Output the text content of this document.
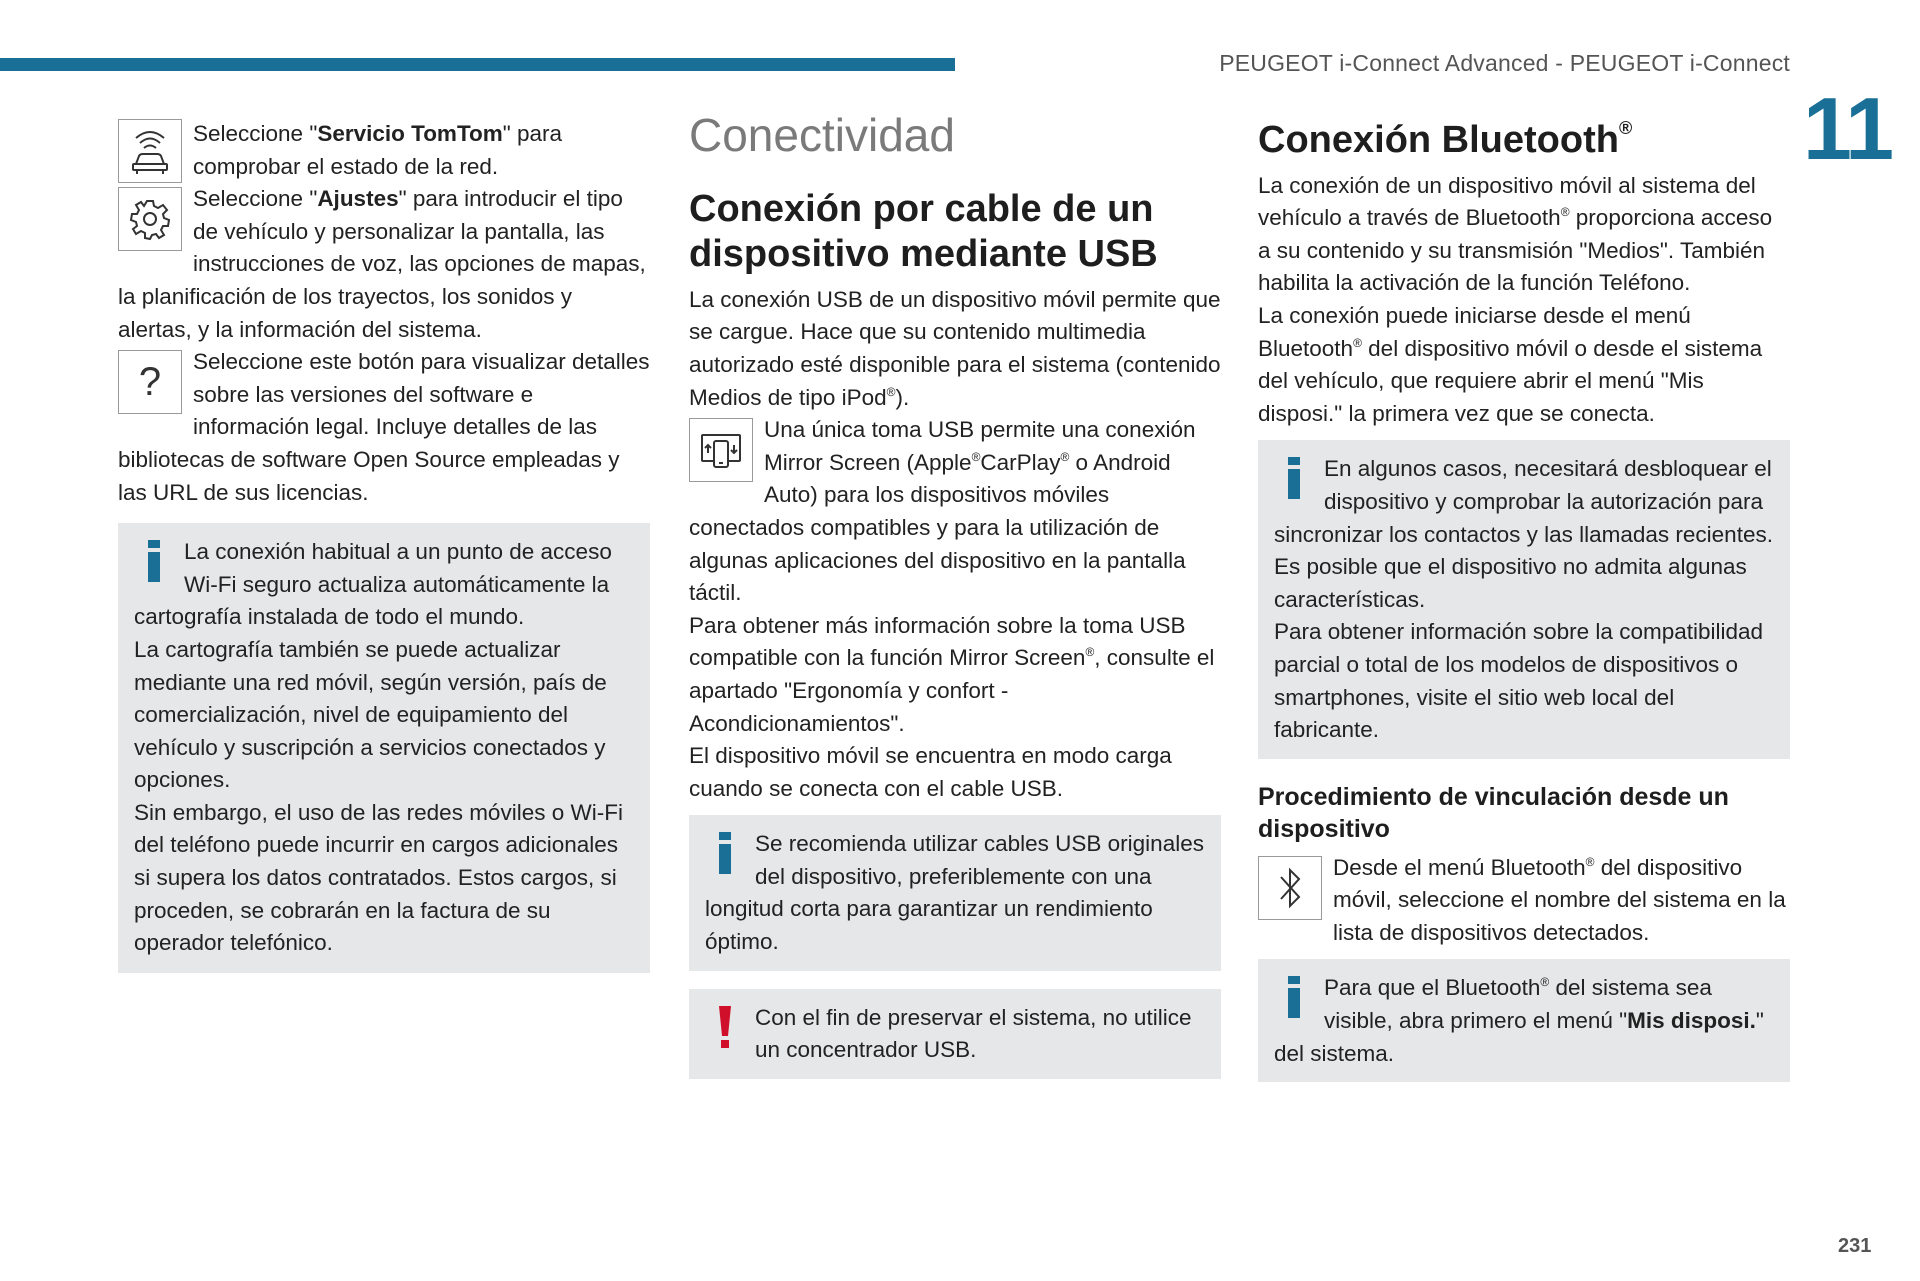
PEUGEOT i-Connect Advanced - PEUGEOT i-Connect
11
231

Seleccione "Servicio TomTom" para comprobar el estado de la red.

Seleccione "Ajustes" para introducir el tipo de vehículo y personalizar la pantalla, las instrucciones de voz, las opciones de mapas, la planificación de los trayectos, los sonidos y alertas, y la información del sistema.

?	Seleccione este botón para visualizar detalles sobre las versiones del software e información legal. Incluye detalles de las bibliotecas de software Open Source empleadas y las URL de sus licencias.

La conexión habitual a un punto de acceso Wi-Fi seguro actualiza automáticamente la cartografía instalada de todo el mundo.

La cartografía también se puede actualizar mediante una red móvil, según versión, país de comercialización, nivel de equipamiento del vehículo y suscripción a servicios conectados y opciones.

Sin embargo, el uso de las redes móviles o Wi-Fi del teléfono puede incurrir en cargos adicionales si supera los datos contratados. Estos cargos, si proceden, se cobrarán en la factura de su operador telefónico.

Conectividad
Conexión por cable de un dispositivo mediante USB

La conexión USB de un dispositivo móvil permite que se cargue. Hace que su contenido multimedia autorizado esté disponible para el sistema (contenido Medios de tipo iPod®).

Una única toma USB permite una conexión Mirror Screen (Apple®CarPlay® o Android Auto) para los dispositivos móviles conectados compatibles y para la utilización de algunas aplicaciones del dispositivo en la pantalla táctil.

Para obtener más información sobre la toma USB compatible con la función Mirror Screen®, consulte el apartado "Ergonomía y confort - Acondicionamientos".

El dispositivo móvil se encuentra en modo carga cuando se conecta con el cable USB.

Se recomienda utilizar cables USB originales del dispositivo, preferiblemente con una longitud corta para garantizar un rendimiento óptimo.

Con el fin de preservar el sistema, no utilice un concentrador USB.

Conexión Bluetooth®

La conexión de un dispositivo móvil al sistema del vehículo a través de Bluetooth® proporciona acceso a su contenido y su transmisión "Medios". También habilita la activación de la función Teléfono.

La conexión puede iniciarse desde el menú Bluetooth® del dispositivo móvil o desde el sistema del vehículo, que requiere abrir el menú "Mis disposi." la primera vez que se conecta.

En algunos casos, necesitará desbloquear el dispositivo y comprobar la autorización para sincronizar los contactos y las llamadas recientes.

Es posible que el dispositivo no admita algunas características.

Para obtener información sobre la compatibilidad parcial o total de los modelos de dispositivos o smartphones, visite el sitio web local del fabricante.

Procedimiento de vinculación desde un dispositivo

Desde el menú Bluetooth® del dispositivo móvil, seleccione el nombre del sistema en la lista de dispositivos detectados.

Para que el Bluetooth® del sistema sea visible, abra primero el menú "Mis disposi." del sistema.
